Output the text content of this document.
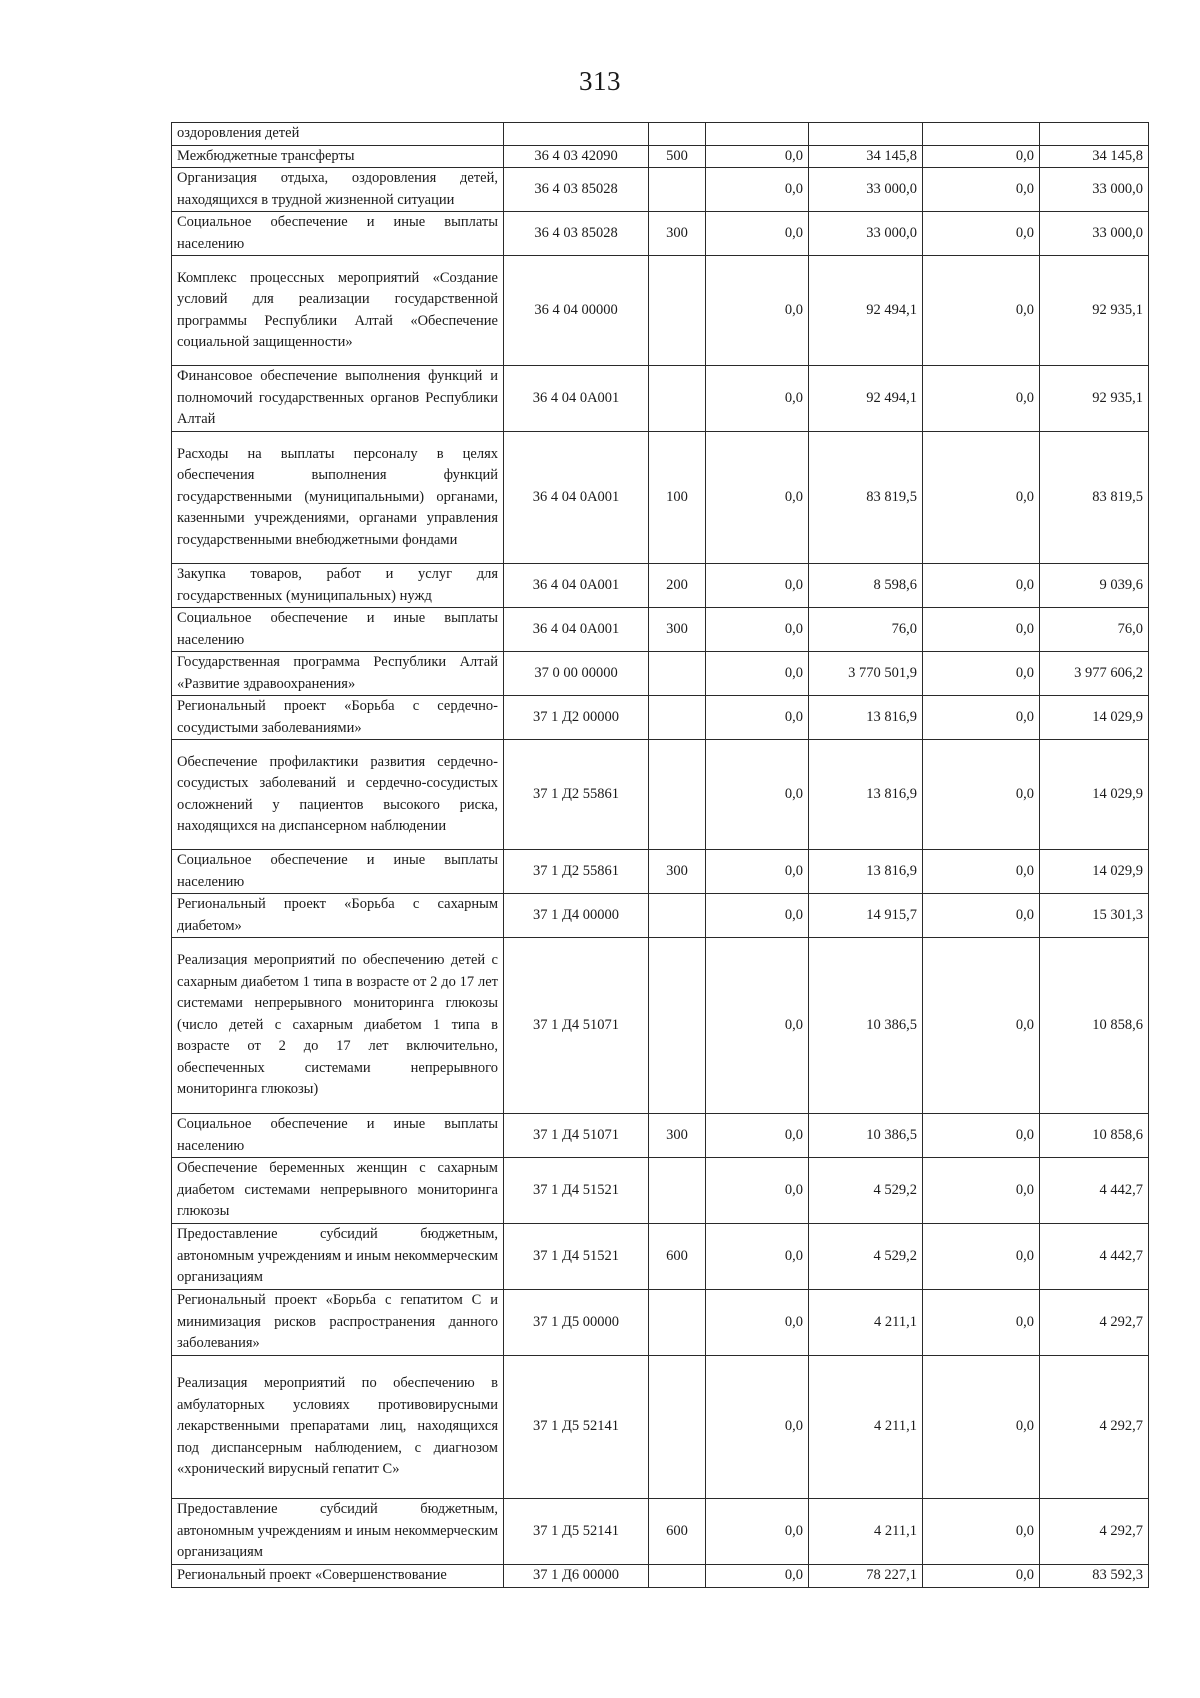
313
оздоровления детей						
Межбюджетные трансферты	36 4 03 42090	500	0,0	34 145,8	0,0	34 145,8
Организация отдыха, оздоровления детей, находящихся в трудной жизненной ситуации	36 4 03 85028		0,0	33 000,0	0,0	33 000,0
Социальное обеспечение и иные выплаты населению	36 4 03 85028	300	0,0	33 000,0	0,0	33 000,0
Комплекс процессных мероприятий «Создание условий для реализации государственной программы Республики Алтай «Обеспечение социальной защищенности»	36 4 04 00000		0,0	92 494,1	0,0	92 935,1
Финансовое обеспечение выполнения функций и полномочий государственных органов Республики Алтай	36 4 04 0А001		0,0	92 494,1	0,0	92 935,1
Расходы на выплаты персоналу в целях обеспечения выполнения функций государственными (муниципальными) органами, казенными учреждениями, органами управления государственными внебюджетными фондами	36 4 04 0А001	100	0,0	83 819,5	0,0	83 819,5
Закупка товаров, работ и услуг для государственных (муниципальных) нужд	36 4 04 0А001	200	0,0	8 598,6	0,0	9 039,6
Социальное обеспечение и иные выплаты населению	36 4 04 0А001	300	0,0	76,0	0,0	76,0
Государственная программа Республики Алтай «Развитие здравоохранения»	37 0 00 00000		0,0	3 770 501,9	0,0	3 977 606,2
Региональный проект «Борьба с сердечно-сосудистыми заболеваниями»	37 1 Д2 00000		0,0	13 816,9	0,0	14 029,9
Обеспечение профилактики развития сердечно-сосудистых заболеваний и сердечно-сосудистых осложнений у пациентов высокого риска, находящихся на диспансерном наблюдении	37 1 Д2 55861		0,0	13 816,9	0,0	14 029,9
Социальное обеспечение и иные выплаты населению	37 1 Д2 55861	300	0,0	13 816,9	0,0	14 029,9
Региональный проект «Борьба с сахарным диабетом»	37 1 Д4 00000		0,0	14 915,7	0,0	15 301,3
Реализация мероприятий по обеспечению детей с сахарным диабетом 1 типа в возрасте от 2 до 17 лет системами непрерывного мониторинга глюкозы (число детей с сахарным диабетом 1 типа в возрасте от 2 до 17 лет включительно, обеспеченных системами непрерывного мониторинга глюкозы)	37 1 Д4 51071		0,0	10 386,5	0,0	10 858,6
Социальное обеспечение и иные выплаты населению	37 1 Д4 51071	300	0,0	10 386,5	0,0	10 858,6
Обеспечение беременных женщин с сахарным диабетом системами непрерывного мониторинга глюкозы	37 1 Д4 51521		0,0	4 529,2	0,0	4 442,7
Предоставление субсидий бюджетным, автономным учреждениям и иным некоммерческим организациям	37 1 Д4 51521	600	0,0	4 529,2	0,0	4 442,7
Региональный проект «Борьба с гепатитом С и минимизация рисков распространения данного заболевания»	37 1 Д5 00000		0,0	4 211,1	0,0	4 292,7
Реализация мероприятий по обеспечению в амбулаторных условиях противовирусными лекарственными препаратами лиц, находящихся под диспансерным наблюдением, с диагнозом «хронический вирусный гепатит С»	37 1 Д5 52141		0,0	4 211,1	0,0	4 292,7
Предоставление субсидий бюджетным, автономным учреждениям и иным некоммерческим организациям	37 1 Д5 52141	600	0,0	4 211,1	0,0	4 292,7
Региональный проект «Совершенствование	37 1 Д6 00000		0,0	78 227,1	0,0	83 592,3
